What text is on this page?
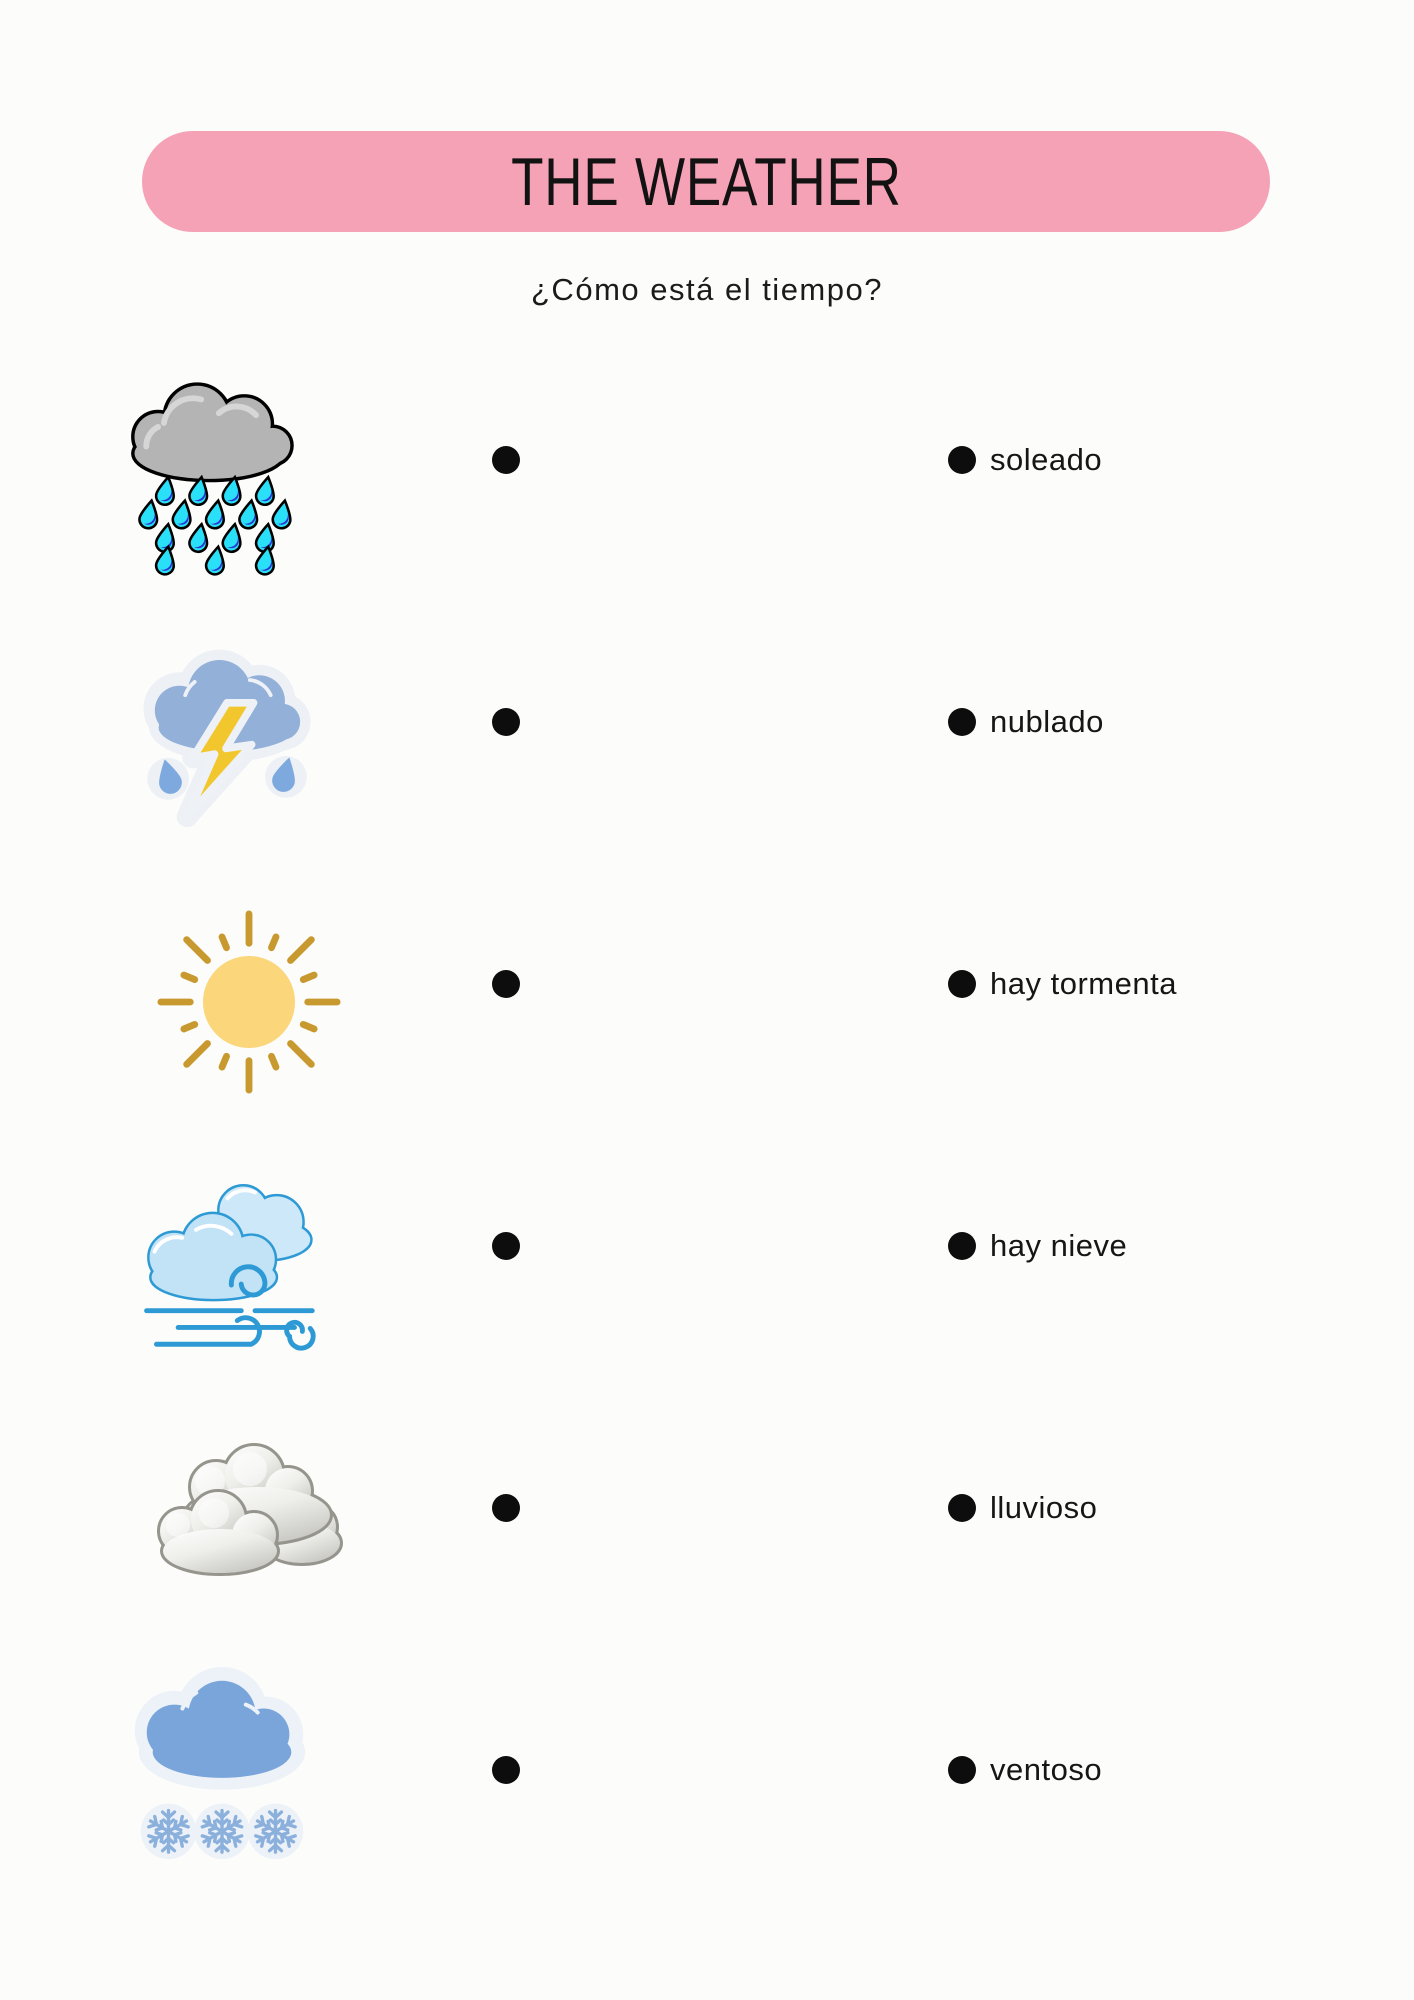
THE WEATHER
¿Cómo está el tiempo?
soleado
nublado
hay tormenta
hay nieve
lluvioso
ventoso
